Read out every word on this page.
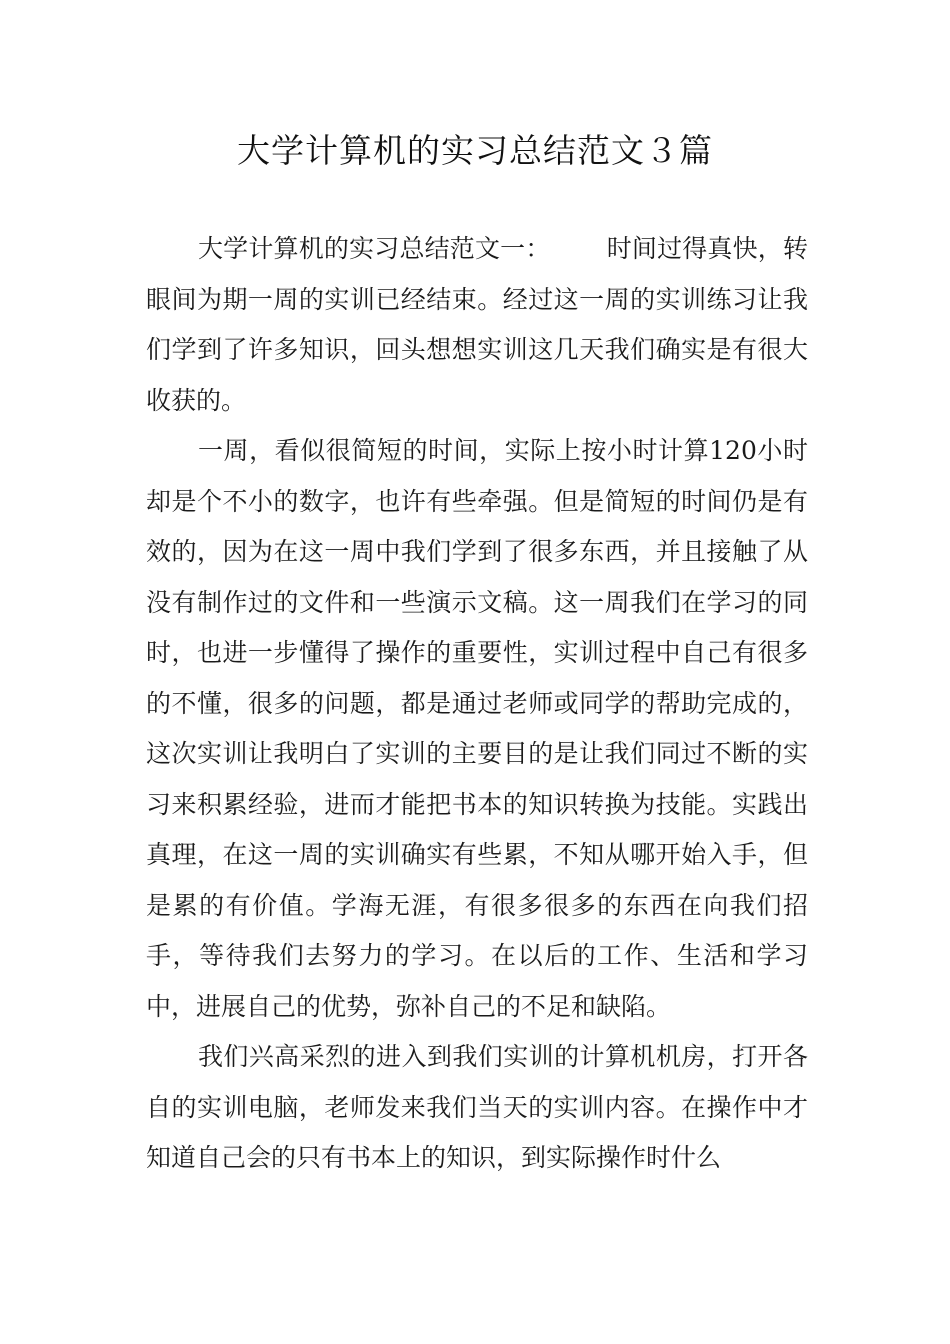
大学计算机的实习总结范文３篇

大学计算机的实习总结范文一： 时间过得真快，转眼间为期一周的实训已经结束。经过这一周的实训练习让我们学到了许多知识，回头想想实训这几天我们确实是有很大收获的。

一周，看似很简短的时间，实际上按小时计算120小时却是个不小的数字，也许有些牵强。但是简短的时间仍是有效的，因为在这一周中我们学到了很多东西，并且接触了从没有制作过的文件和一些演示文稿。这一周我们在学习的同时，也进一步懂得了操作的重要性，实训过程中自己有很多的不懂，很多的问题，都是通过老师或同学的帮助完成的，这次实训让我明白了实训的主要目的是让我们同过不断的实习来积累经验，进而才能把书本的知识转换为技能。实践出真理，在这一周的实训确实有些累，不知从哪开始入手，但是累的有价值。学海无涯，有很多很多的东西在向我们招手，等待我们去努力的学习。在以后的工作、生活和学习中，进展自己的优势，弥补自己的不足和缺陷。

我们兴高采烈的进入到我们实训的计算机机房，打开各自的实训电脑，老师发来我们当天的实训内容。在操作中才知道自己会的只有书本上的知识，到实际操作时什么
